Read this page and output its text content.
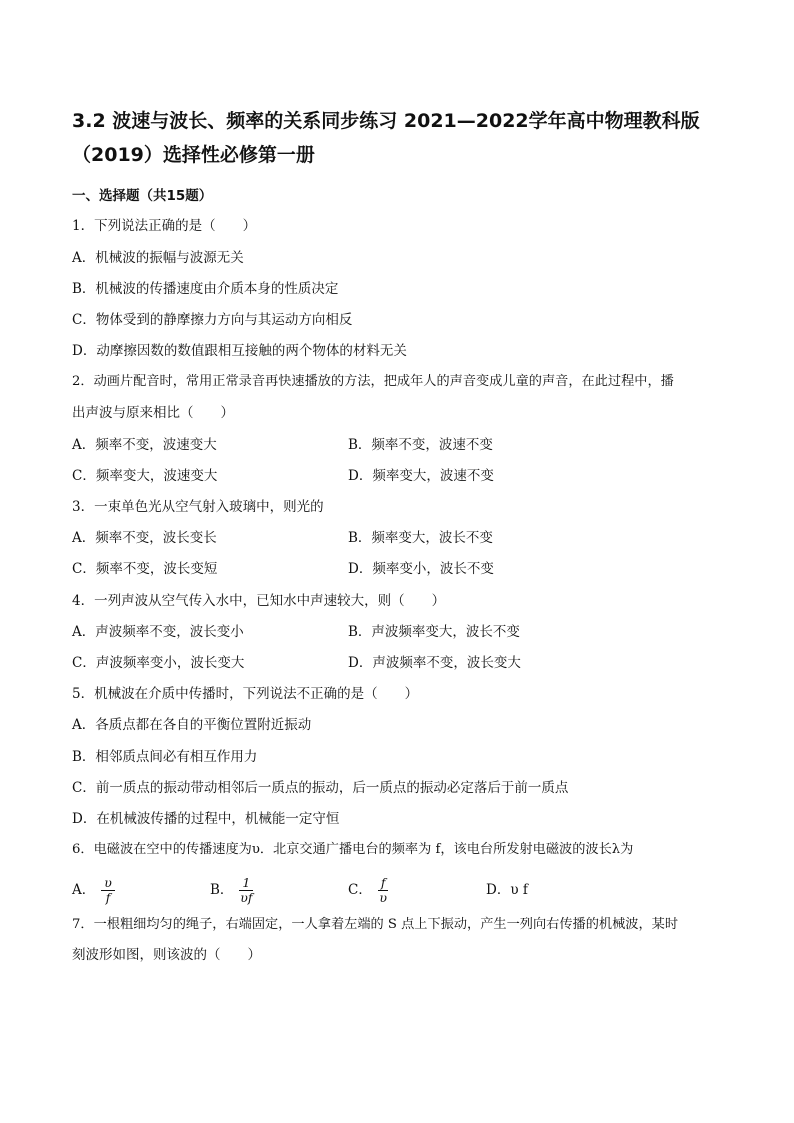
3.2 波速与波长、频率的关系同步练习 2021—2022学年高中物理教科版（2019）选择性必修第一册
一、选择题（共15题）
1．下列说法正确的是（　　）
A．机械波的振幅与波源无关
B．机械波的传播速度由介质本身的性质决定
C．物体受到的静摩擦力方向与其运动方向相反
D．动摩擦因数的数值跟相互接触的两个物体的材料无关
2．动画片配音时，常用正常录音再快速播放的方法，把成年人的声音变成儿童的声音，在此过程中，播
出声波与原来相比（　　）
A．频率不变，波速变大	B．频率不变，波速不变
C．频率变大，波速变大	D．频率变大，波速不变
3．一束单色光从空气射入玻璃中，则光的
A．频率不变，波长变长	B．频率变大，波长不变
C．频率不变，波长变短	D．频率变小，波长不变
4．一列声波从空气传入水中，已知水中声速较大，则（　　）
A．声波频率不变，波长变小	B．声波频率变大，波长不变
C．声波频率变小，波长变大	D．声波频率不变，波长变大
5．机械波在介质中传播时，下列说法不正确的是（　　）
A．各质点都在各自的平衡位置附近振动
B．相邻质点间必有相互作用力
C．前一质点的振动带动相邻后一质点的振动，后一质点的振动必定落后于前一质点
D．在机械波传播的过程中，机械能一定守恒
6．电磁波在空中的传播速度为υ．北京交通广播电台的频率为 f，该电台所发射电磁波的波长λ为
A． $\frac{\upsilon}{f}$	B． $\frac{1}{\upsilon f}$	C． $\frac{f}{\upsilon}$	D．υ f
7．一根粗细均匀的绳子，右端固定，一人拿着左端的 S 点上下振动，产生一列向右传播的机械波，某时
刻波形如图，则该波的（　　）
